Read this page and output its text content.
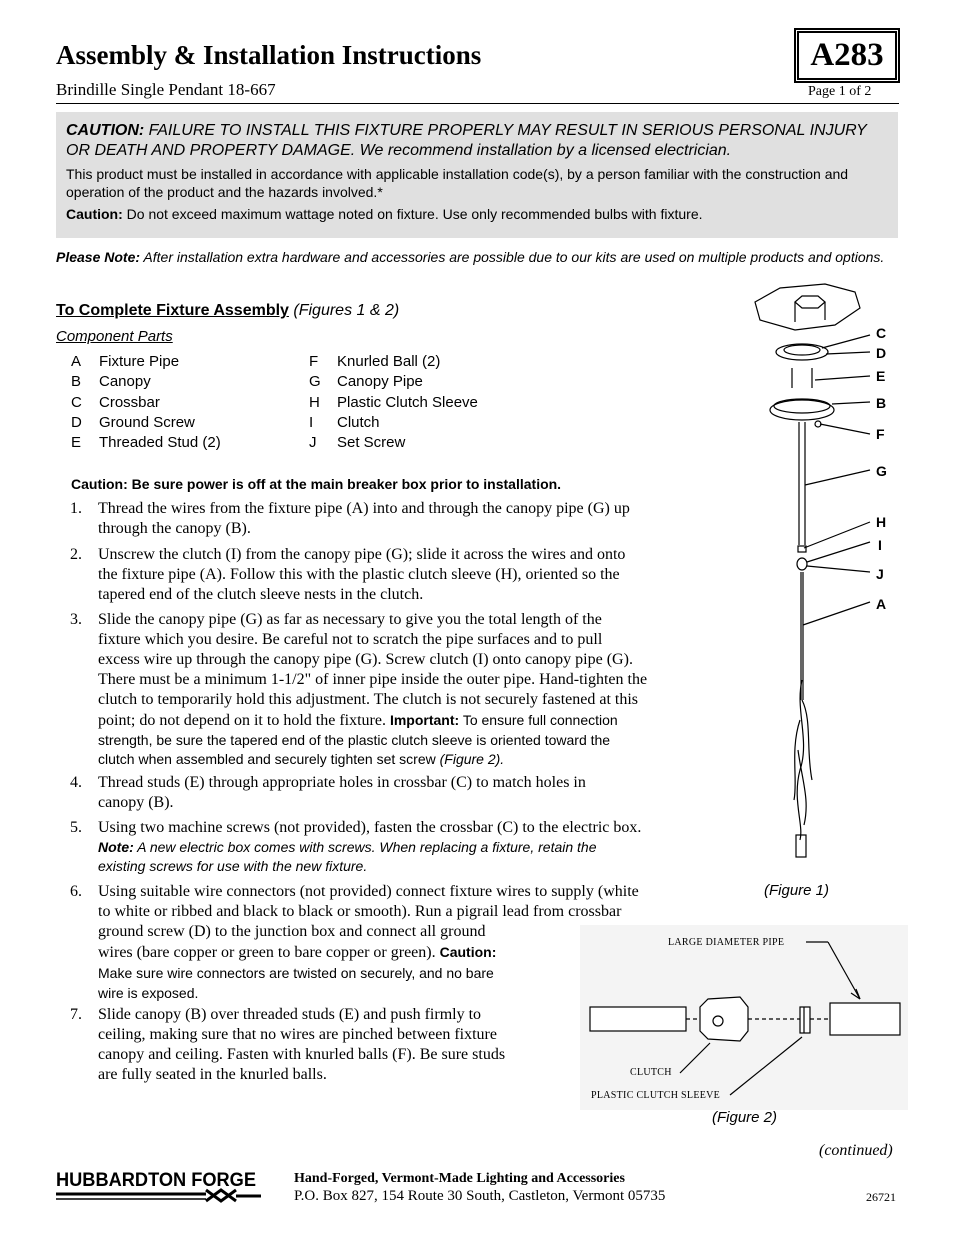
Assembly & Installation Instructions
Brindille Single Pendant 18-667
A283
Page 1 of 2
CAUTION: FAILURE TO INSTALL THIS FIXTURE PROPERLY MAY RESULT IN SERIOUS PERSONAL INJURY OR DEATH AND PROPERTY DAMAGE. We recommend installation by a licensed electrician.
This product must be installed in accordance with applicable installation code(s), by a person familiar with the construction and operation of the product and the hazards involved.*
Caution: Do not exceed maximum wattage noted on fixture. Use only recommended bulbs with fixture.
Please Note: After installation extra hardware and accessories are possible due to our kits are used on multiple products and options.
To Complete Fixture Assembly (Figures 1 & 2)
Component Parts
A Fixture Pipe
B Canopy
C Crossbar
D Ground Screw
E Threaded Stud (2)
F Knurled Ball (2)
G Canopy Pipe
H Plastic Clutch Sleeve
I Clutch
J Set Screw
Caution: Be sure power is off at the main breaker box prior to installation.
1. Thread the wires from the fixture pipe (A) into and through the canopy pipe (G) up
through the canopy (B).
2. Unscrew the clutch (I) from the canopy pipe (G); slide it across the wires and onto
the fixture pipe (A). Follow this with the plastic clutch sleeve (H), oriented so the
tapered end of the clutch sleeve nests in the clutch.
3. Slide the canopy pipe (G) as far as necessary to give you the total length of the
fixture which you desire. Be careful not to scratch the pipe surfaces and to pull
excess wire up through the canopy pipe (G). Screw clutch (I) onto canopy pipe (G).
There must be a minimum 1-1/2" of inner pipe inside the outer pipe. Hand-tighten the
clutch to temporarily hold this adjustment. The clutch is not securely fastened at this
point; do not depend on it to hold the fixture. Important: To ensure full connection
strength, be sure the tapered end of the plastic clutch sleeve is oriented toward the
clutch when assembled and securely tighten set screw (Figure 2).
4. Thread studs (E) through appropriate holes in crossbar (C) to match holes in
canopy (B).
5. Using two machine screws (not provided), fasten the crossbar (C) to the electric box.
Note: A new electric box comes with screws. When replacing a fixture, retain the
existing screws for use with the new fixture.
6. Using suitable wire connectors (not provided) connect fixture wires to supply (white
to white or ribbed and black to black or smooth). Run a pigrail lead from crossbar
ground screw (D) to the junction box and connect all ground
wires (bare copper or green to bare copper or green). Caution:
Make sure wire connectors are twisted on securely, and no bare
wire is exposed.
7. Slide canopy (B) over threaded studs (E) and push firmly to
ceiling, making sure that no wires are pinched between fixture
canopy and ceiling. Fasten with knurled balls (F). Be sure studs
are fully seated in the knurled balls.
C
D
E
B
F
G
H
I
J
A
(Figure 1)
LARGE DIAMETER PIPE
CLUTCH
PLASTIC CLUTCH SLEEVE
(Figure 2)
(continued)
HUBBARDTON FORGE	Hand-Forged, Vermont-Made Lighting and Accessories
P.O. Box 827, 154 Route 30 South, Castleton, Vermont 05735	26721
